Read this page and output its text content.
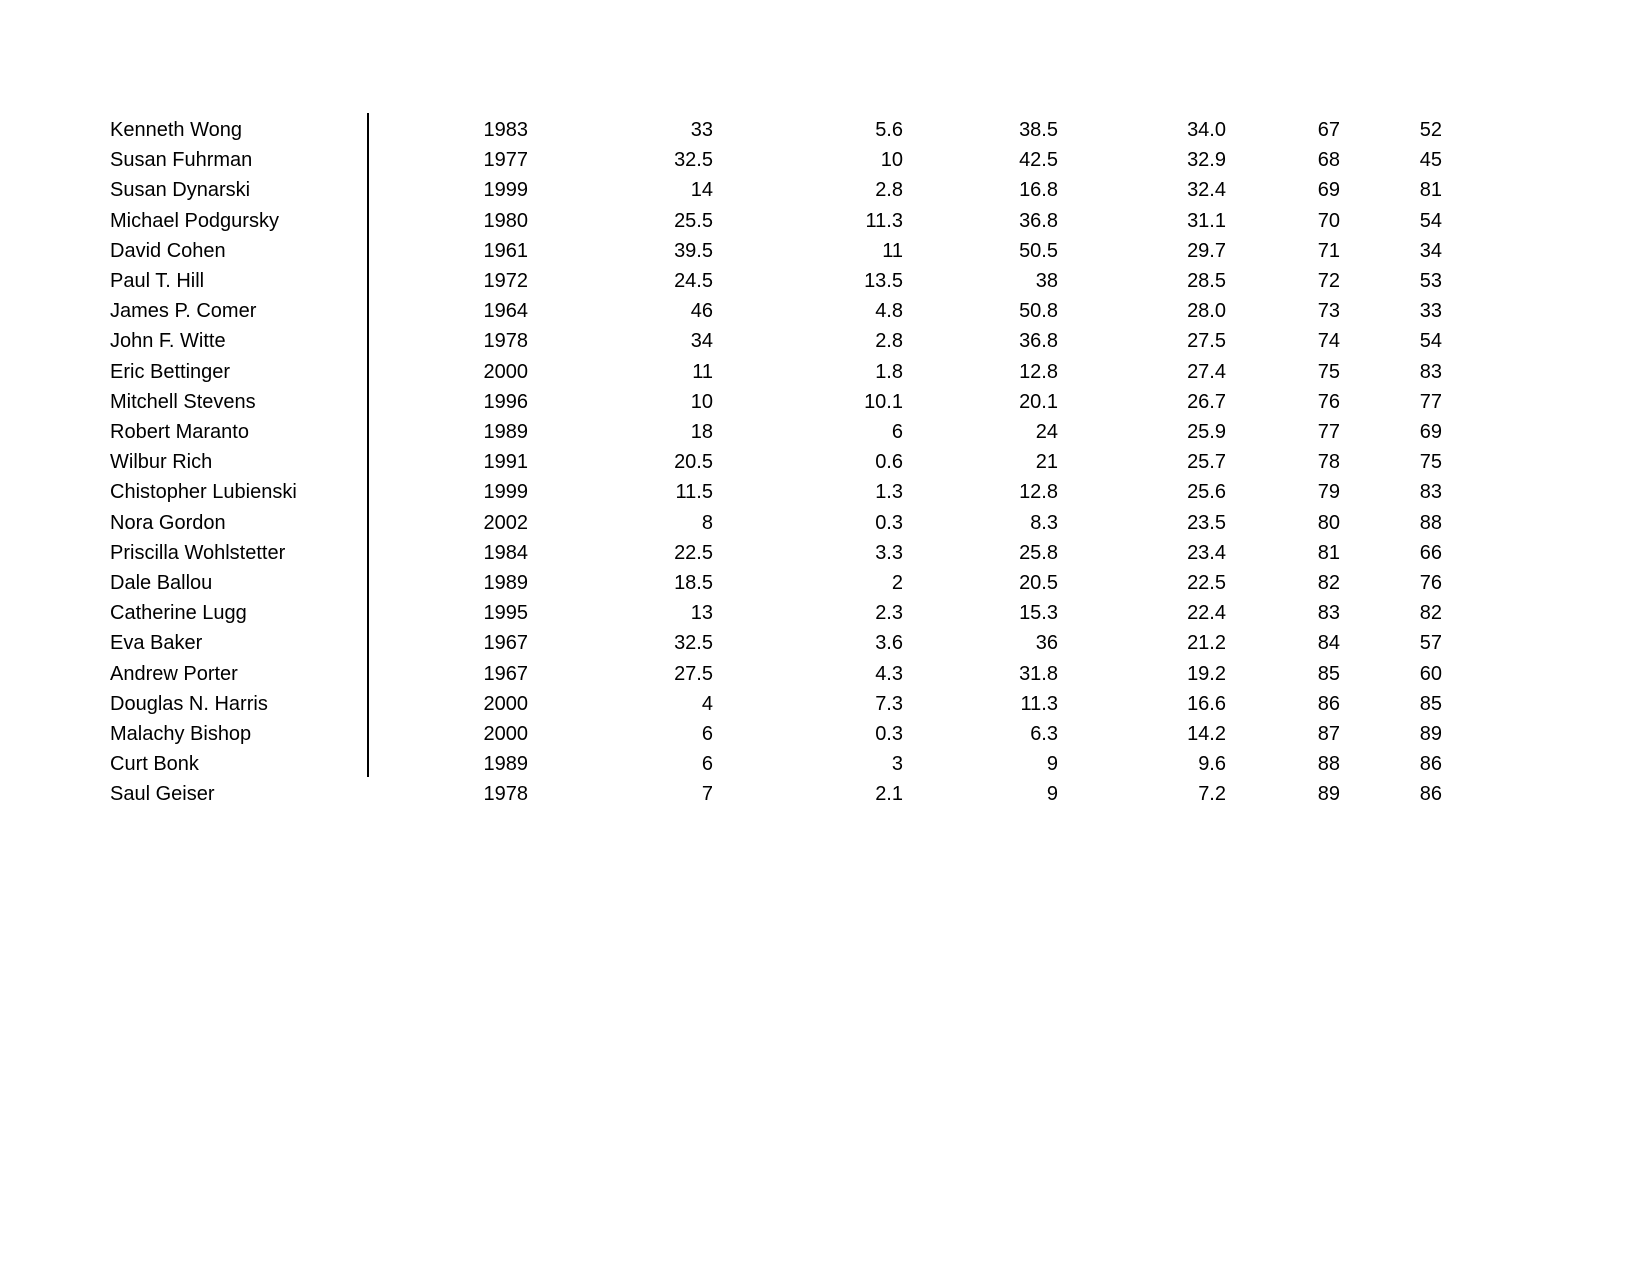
Kenneth Wong	1983	33	5.6	38.5	34.0	67	52
Susan Fuhrman	1977	32.5	10	42.5	32.9	68	45
Susan Dynarski	1999	14	2.8	16.8	32.4	69	81
Michael Podgursky	1980	25.5	11.3	36.8	31.1	70	54
David Cohen	1961	39.5	11	50.5	29.7	71	34
Paul T. Hill	1972	24.5	13.5	38	28.5	72	53
James P. Comer	1964	46	4.8	50.8	28.0	73	33
John F. Witte	1978	34	2.8	36.8	27.5	74	54
Eric Bettinger	2000	11	1.8	12.8	27.4	75	83
Mitchell Stevens	1996	10	10.1	20.1	26.7	76	77
Robert Maranto	1989	18	6	24	25.9	77	69
Wilbur Rich	1991	20.5	0.6	21	25.7	78	75
Chistopher Lubienski	1999	11.5	1.3	12.8	25.6	79	83
Nora Gordon	2002	8	0.3	8.3	23.5	80	88
Priscilla Wohlstetter	1984	22.5	3.3	25.8	23.4	81	66
Dale Ballou	1989	18.5	2	20.5	22.5	82	76
Catherine Lugg	1995	13	2.3	15.3	22.4	83	82
Eva Baker	1967	32.5	3.6	36	21.2	84	57
Andrew Porter	1967	27.5	4.3	31.8	19.2	85	60
Douglas N. Harris	2000	4	7.3	11.3	16.6	86	85
Malachy Bishop	2000	6	0.3	6.3	14.2	87	89
Curt Bonk	1989	6	3	9	9.6	88	86
Saul Geiser	1978	7	2.1	9	7.2	89	86
